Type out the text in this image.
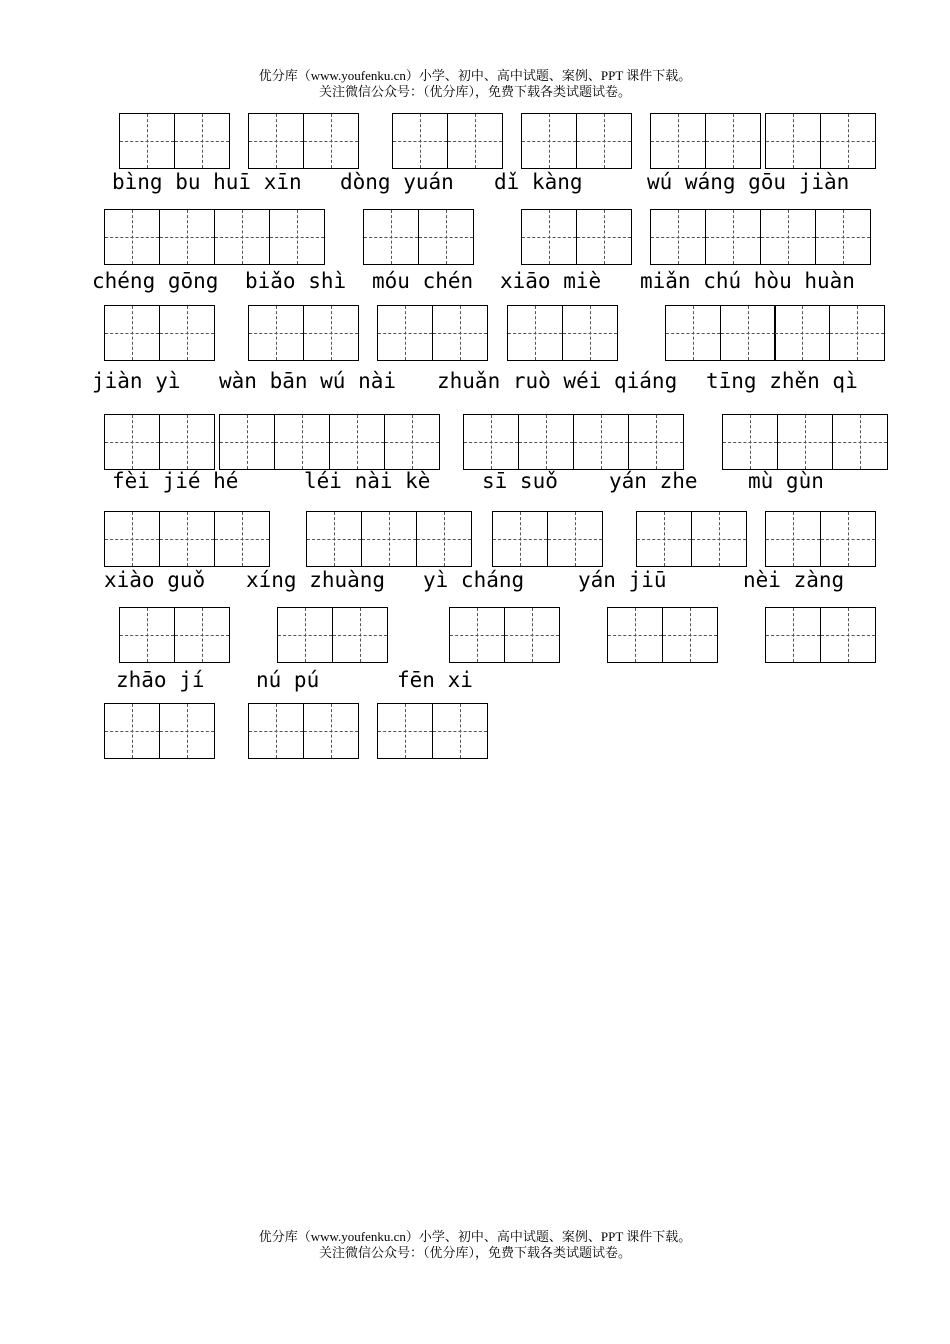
优分库（www.youfenku.cn）小学、初中、高中试题、案例、PPT 课件下载。
关注微信公众号：（优分库），免费下载各类试题试卷。
bìng bu huī xīn dòng yuán dǐ kàng	wú wáng gōu jiàn
chéng gōng biǎo shì móu chén xiāo miè miǎn chú hòu huàn
jiàn yì wàn bān wú nài zhuǎn ruò wéi qiáng tīng zhěn qì
fèi jié hé	léi nài kè sī suǒ yán zhe mù gùn
xiào guǒ xíng zhuàng yì cháng	yán jiū	nèi zàng
zhāo jí nú pú	fēn xi
优分库（www.youfenku.cn）小学、初中、高中试题、案例、PPT 课件下载。
关注微信公众号：（优分库），免费下载各类试题试卷。
